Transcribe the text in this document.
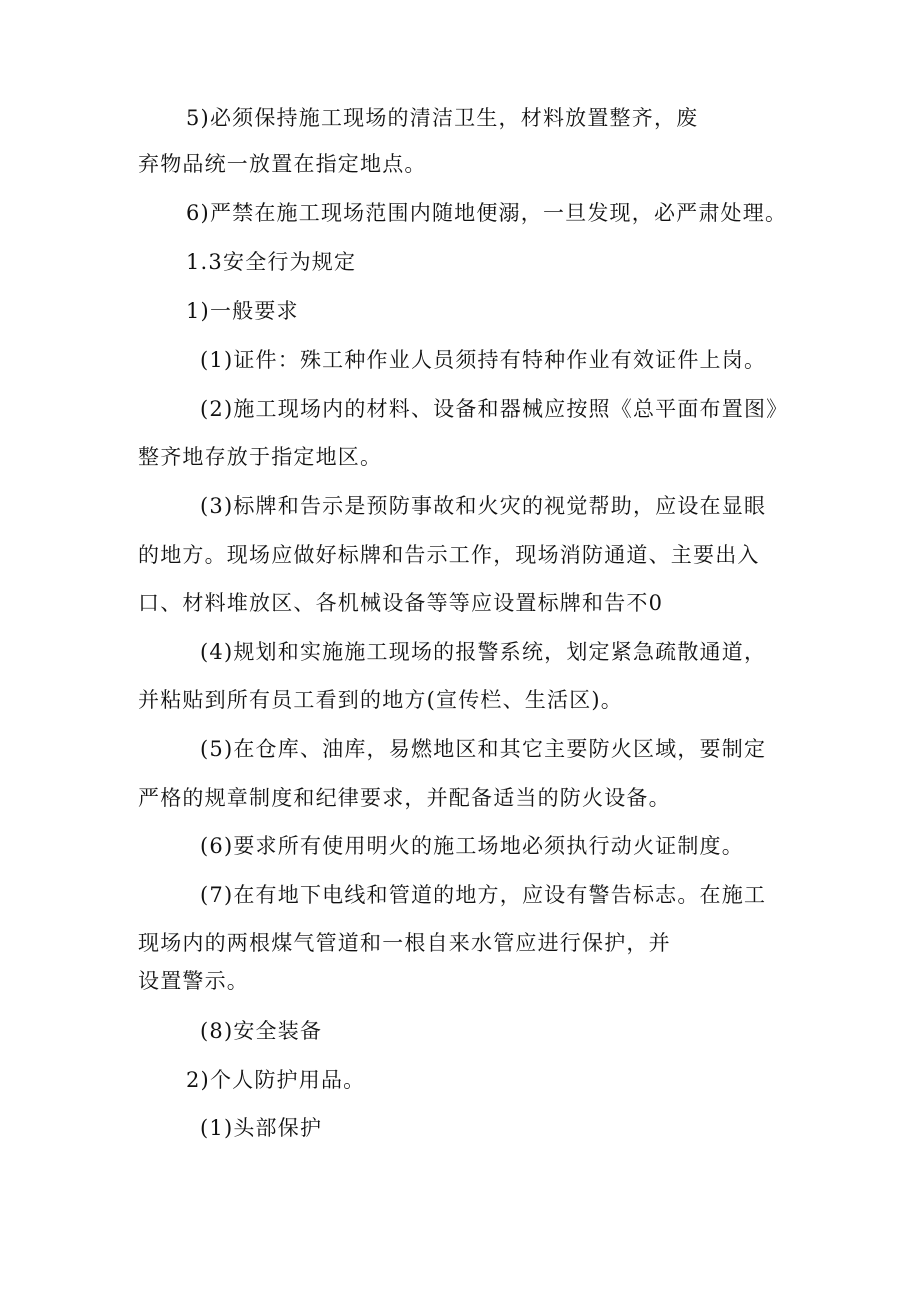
5)必须保持施工现场的清洁卫生，材料放置整齐，废
弃物品统一放置在指定地点。
6)严禁在施工现场范围内随地便溺，一旦发现，必严肃处理。
1.3安全行为规定
1)一般要求
(1)证件：殊工种作业人员须持有特种作业有效证件上岗。
(2)施工现场内的材料、设备和器械应按照《总平面布置图》
整齐地存放于指定地区。
(3)标牌和告示是预防事故和火灾的视觉帮助，应设在显眼
的地方。现场应做好标牌和告示工作，现场消防通道、主要出入
口、材料堆放区、各机械设备等等应设置标牌和告不0
(4)规划和实施施工现场的报警系统，划定紧急疏散通道，
并粘贴到所有员工看到的地方(宣传栏、生活区)。
(5)在仓库、油库，易燃地区和其它主要防火区域，要制定
严格的规章制度和纪律要求，并配备适当的防火设备。
(6)要求所有使用明火的施工场地必须执行动火证制度。
(7)在有地下电线和管道的地方，应设有警告标志。在施工
现场内的两根煤气管道和一根自来水管应进行保护，并
设置警示。
(8)安全装备
2)个人防护用品。
(1)头部保护
